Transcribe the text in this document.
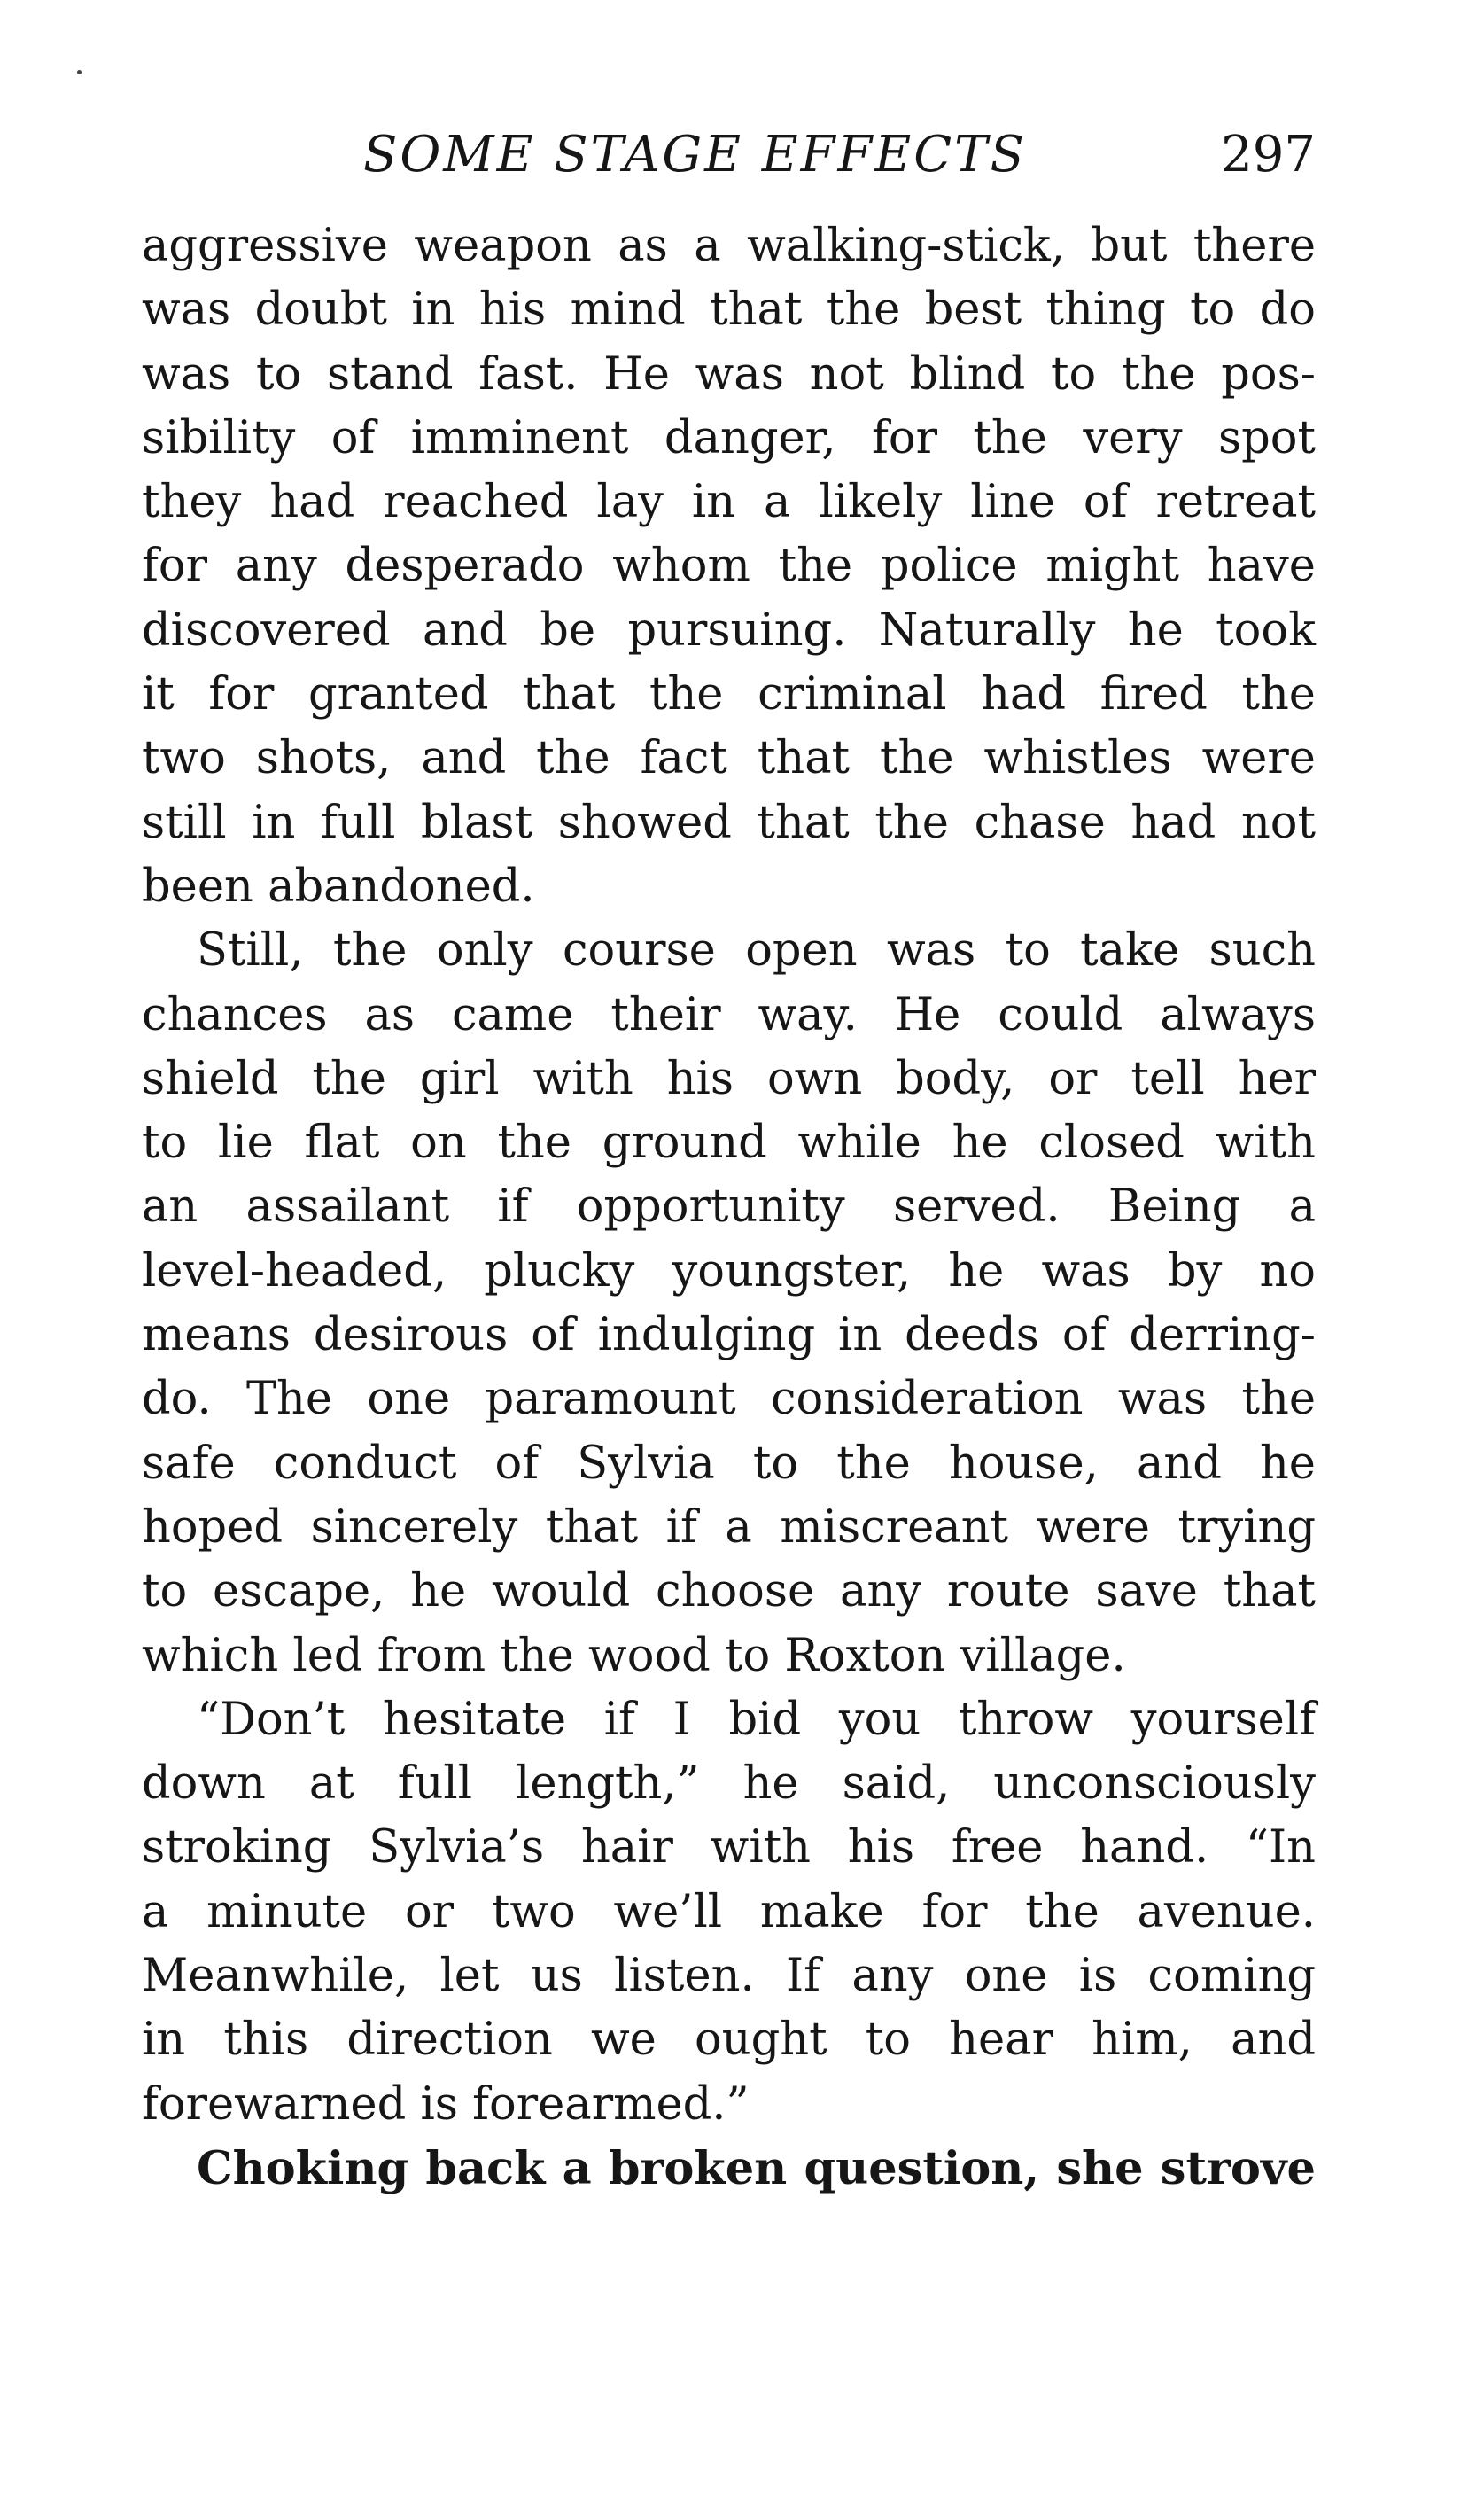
SOME STAGE EFFECTS	297
aggressive weapon as a walking-stick, but there
was doubt in his mind that the best thing to do
was to stand fast. He was not blind to the pos-
sibility of imminent danger, for the very spot
they had reached lay in a likely line of retreat
for any desperado whom the police might have
discovered and be pursuing. Naturally he took
it for granted that the criminal had fired the
two shots, and the fact that the whistles were
still in full blast showed that the chase had not
been abandoned.
Still, the only course open was to take such
chances as came their way. He could always
shield the girl with his own body, or tell her
to lie flat on the ground while he closed with
an assailant if opportunity served. Being a
level-headed, plucky youngster, he was by no
means desirous of indulging in deeds of derring-
do. The one paramount consideration was the
safe conduct of Sylvia to the house, and he
hoped sincerely that if a miscreant were trying
to escape, he would choose any route save that
which led from the wood to Roxton village.
“Don’t hesitate if I bid you throw yourself
down at full length,” he said, unconsciously
stroking Sylvia’s hair with his free hand. “In
a minute or two we’ll make for the avenue.
Meanwhile, let us listen. If any one is coming
in this direction we ought to hear him, and
forewarned is forearmed.”
Choking back a broken question, she strove
